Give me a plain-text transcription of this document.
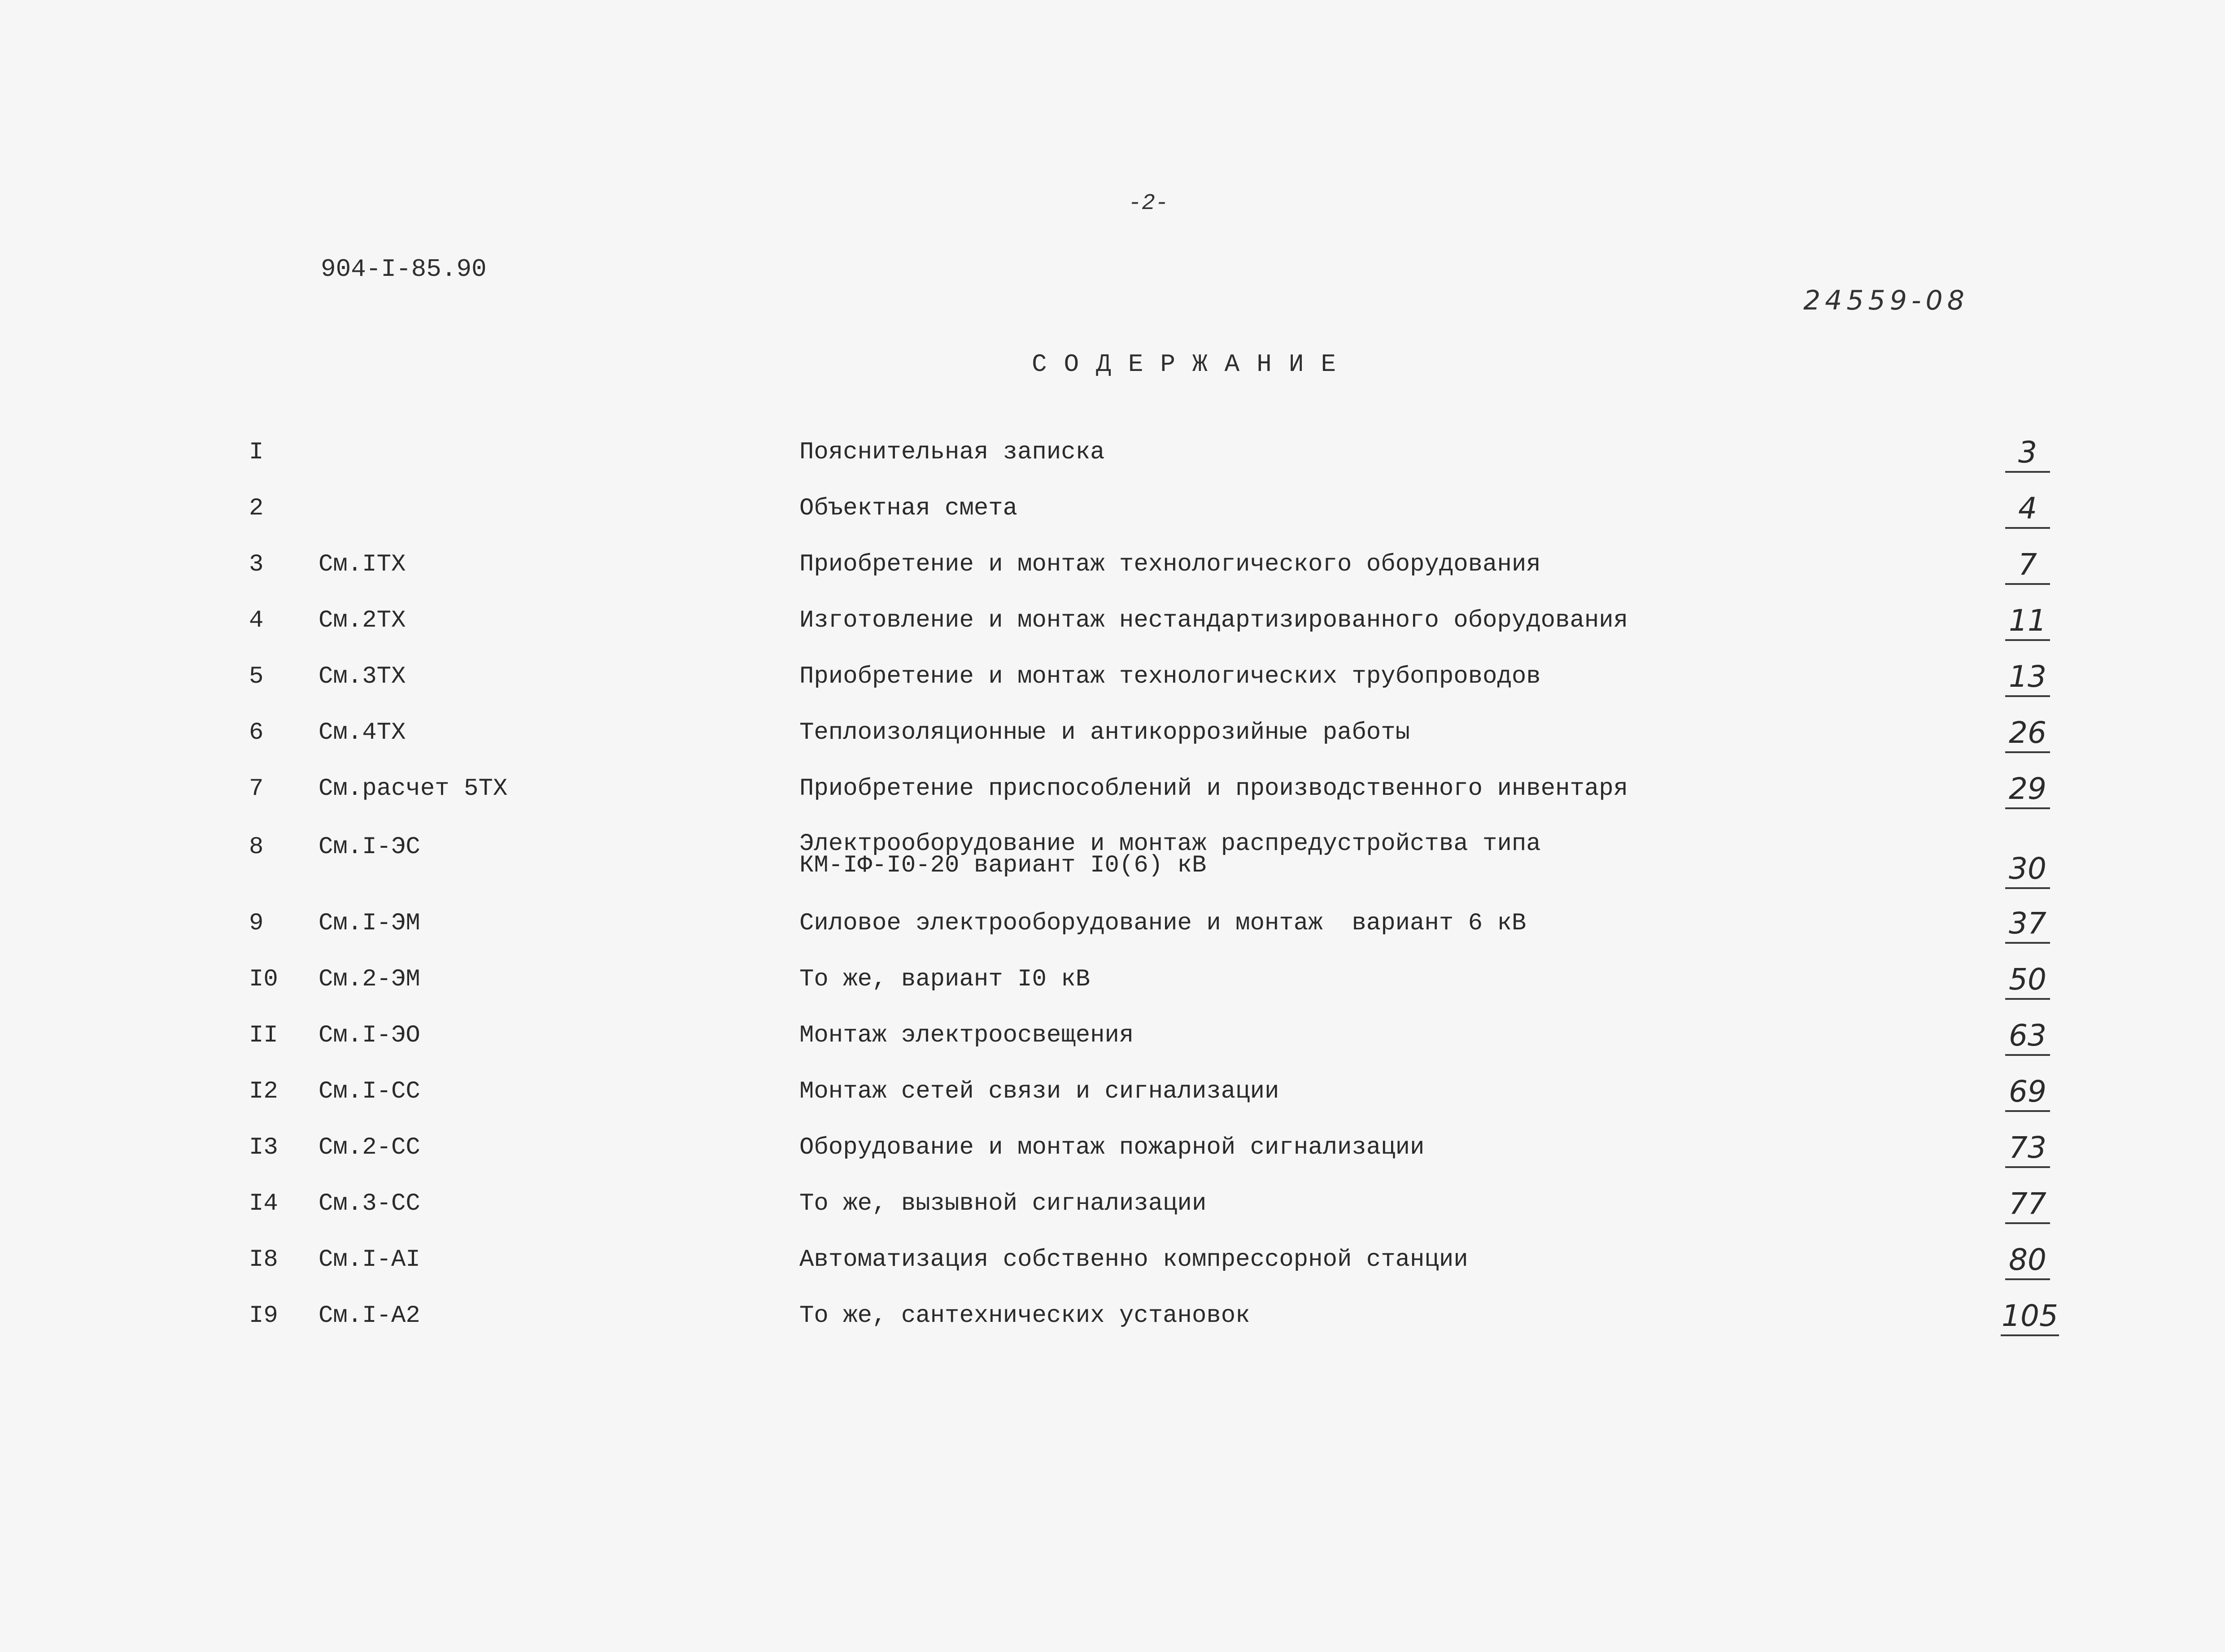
-2-
904-I-85.90
24559-08
СОДЕРЖАНИЕ
I	Пояснительная записка	3
2	Объектная смета	4
3 См.ITX	Приобретение и монтаж технологического оборудования	7
4 См.2ТХ	Изготовление и монтаж нестандартизированного оборудования	11
5 См.3ТХ	Приобретение и монтаж технологических трубопроводов	13
6 См.4ТХ	Теплоизоляционные и антикоррозийные работы	26
7 См.расчет 5ТХ	Приобретение приспособлений и производственного инвентаря	29
8 См.I-ЭС	Электрооборудование и монтаж распредустройства типа
КМ-IФ-I0-20 вариант I0(6) кВ	30
9 См.I-ЭМ	Силовое электрооборудование и монтаж  вариант 6 кВ	37
I0 См.2-ЭМ	То же, вариант I0 кВ	50
II См.I-ЭО	Монтаж электроосвещения	63
I2 См.I-СС	Монтаж сетей связи и сигнализации	69
I3 См.2-СС	Оборудование и монтаж пожарной сигнализации	73
I4 См.3-СС	То же, вызывной сигнализации	77
I8 См.I-АI	Автоматизация собственно компрессорной станции	80
I9 См.I-А2	То же, сантехнических установок	105
